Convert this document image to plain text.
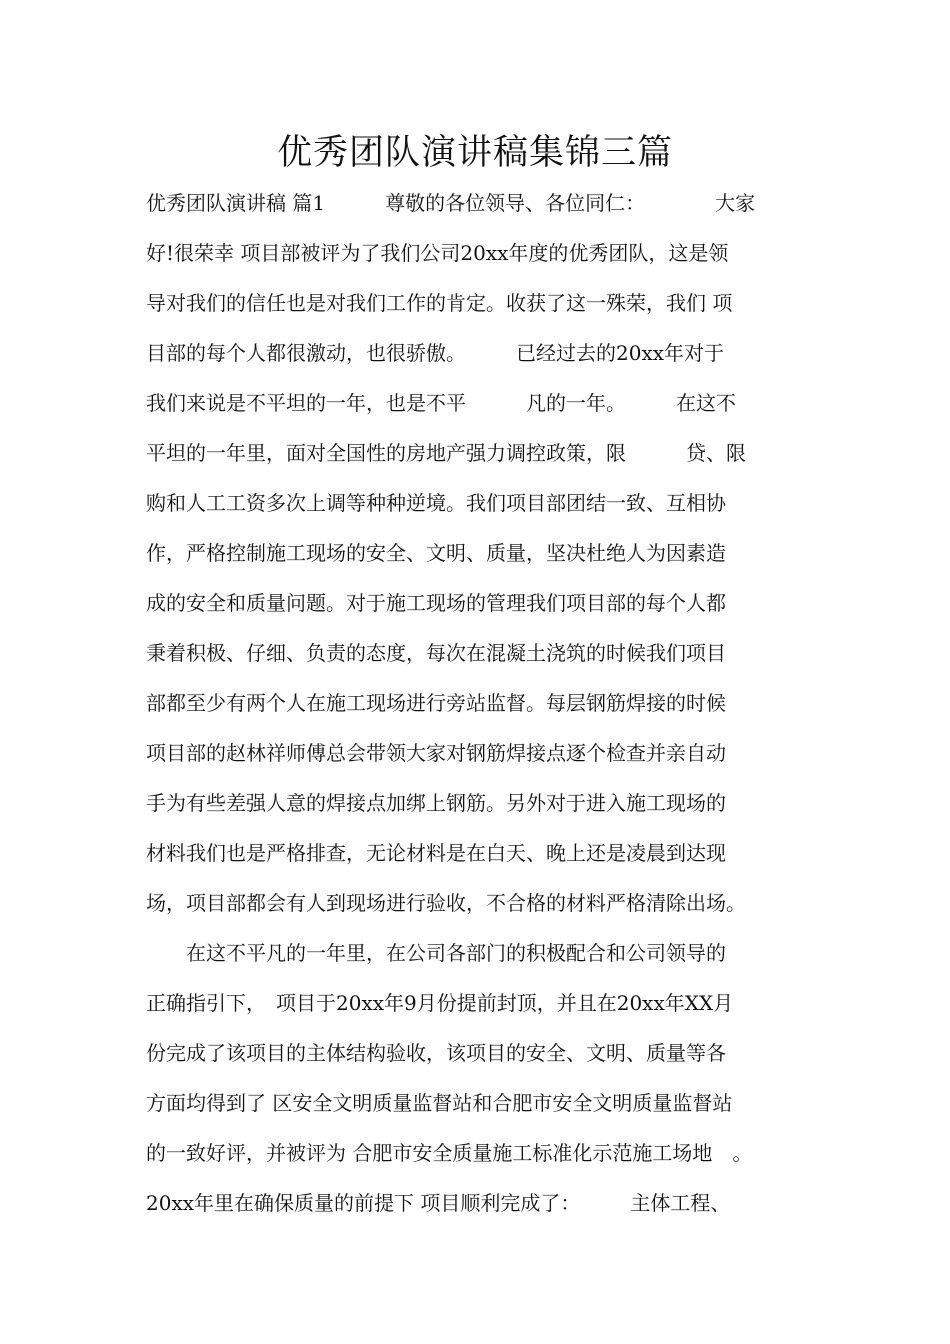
优秀团队演讲稿集锦三篇
优秀团队演讲稿 篇1　　　尊敬的各位领导、各位同仁：　　　　大家
好!很荣幸 项目部被评为了我们公司20xx年度的优秀团队，这是领
导对我们的信任也是对我们工作的肯定。收获了这一殊荣，我们 项
目部的每个人都很激动，也很骄傲。　　　已经过去的20xx年对于
我们来说是不平坦的一年，也是不平　　　凡的一年。　　　在这不
平坦的一年里，面对全国性的房地产强力调控政策，限　　　贷、限
购和人工工资多次上调等种种逆境。我们项目部团结一致、互相协
作，严格控制施工现场的安全、文明、质量，坚决杜绝人为因素造
成的安全和质量问题。对于施工现场的管理我们项目部的每个人都
秉着积极、仔细、负责的态度，每次在混凝土浇筑的时候我们项目
部都至少有两个人在施工现场进行旁站监督。每层钢筋焊接的时候
项目部的赵林祥师傅总会带领大家对钢筋焊接点逐个检查并亲自动
手为有些差强人意的焊接点加绑上钢筋。另外对于进入施工现场的
材料我们也是严格排查，无论材料是在白天、晚上还是凌晨到达现
场，项目部都会有人到现场进行验收，不合格的材料严格清除出场。
　　在这不平凡的一年里，在公司各部门的积极配合和公司领导的
正确指引下，　项目于20xx年9月份提前封顶，并且在20xx年XX月
份完成了该项目的主体结构验收，该项目的安全、文明、质量等各
方面均得到了 区安全文明质量监督站和合肥市安全文明质量监督站
的一致好评，并被评为 合肥市安全质量施工标准化示范施工场地　。
20xx年里在确保质量的前提下 项目顺利完成了：　　　主体工程、
